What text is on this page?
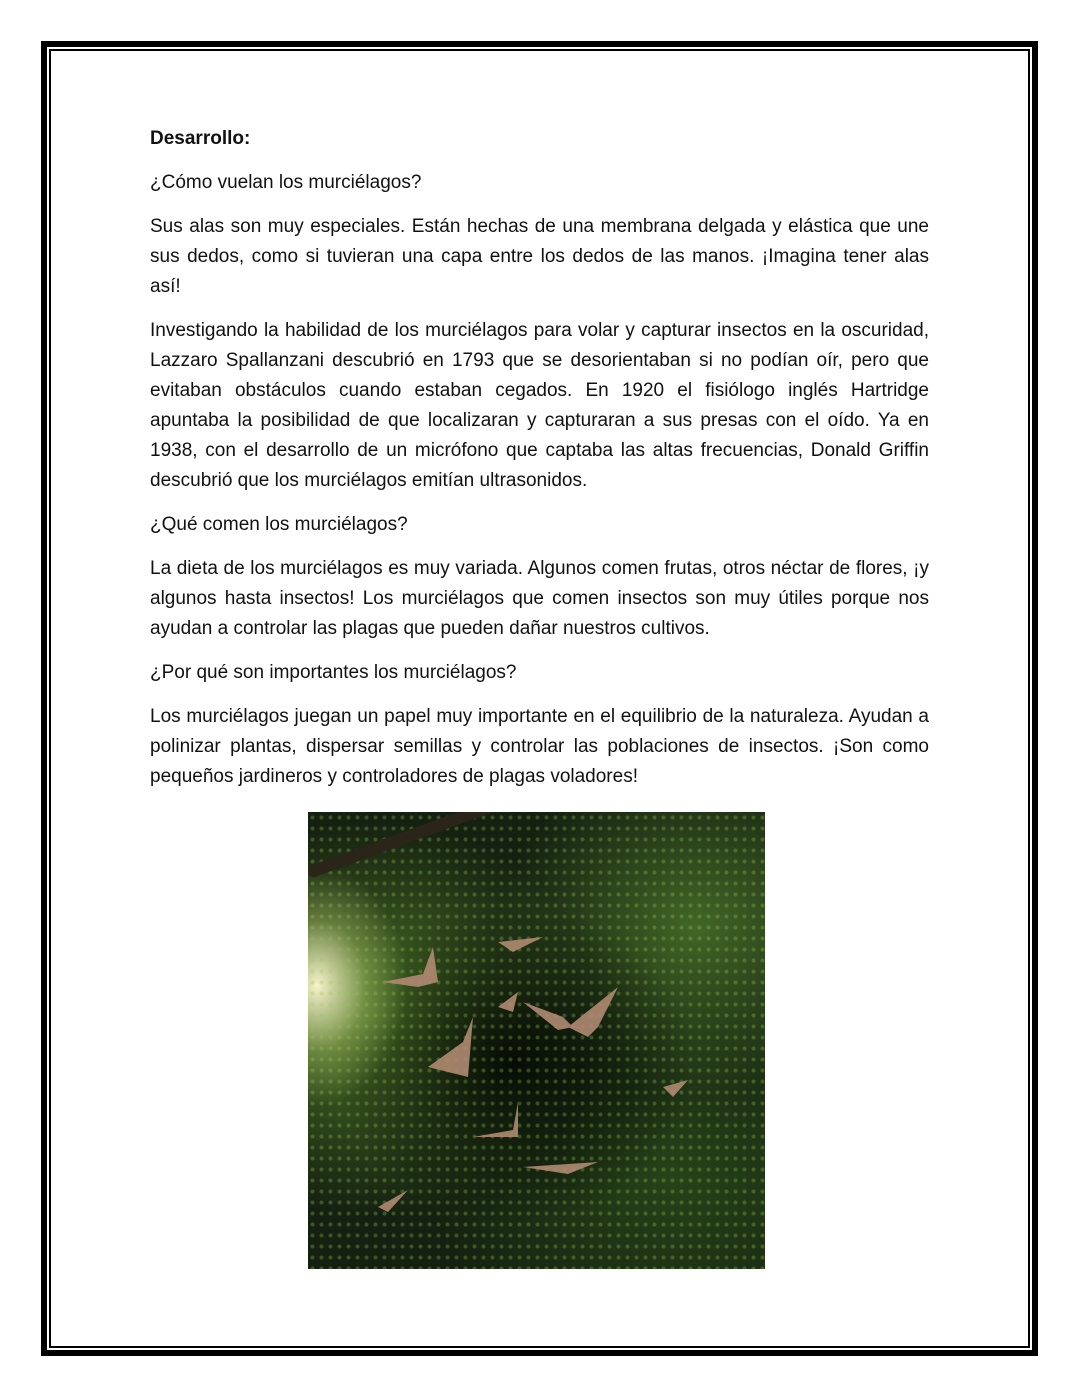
Desarrollo:

¿Cómo vuelan los murciélagos?

Sus alas son muy especiales. Están hechas de una membrana delgada y elástica que une sus dedos, como si tuvieran una capa entre los dedos de las manos. ¡Imagina tener alas así!

Investigando la habilidad de los murciélagos para volar y capturar insectos en la oscuridad, Lazzaro Spallanzani descubrió en 1793 que se desorientaban si no podían oír, pero que evitaban obstáculos cuando estaban cegados. En 1920 el fisiólogo inglés Hartridge apuntaba la posibilidad de que localizaran y capturaran a sus presas con el oído. Ya en 1938, con el desarrollo de un micrófono que captaba las altas frecuencias, Donald Griffin descubrió que los murciélagos emitían ultrasonidos.

¿Qué comen los murciélagos?

La dieta de los murciélagos es muy variada. Algunos comen frutas, otros néctar de flores, ¡y algunos hasta insectos! Los murciélagos que comen insectos son muy útiles porque nos ayudan a controlar las plagas que pueden dañar nuestros cultivos.

¿Por qué son importantes los murciélagos?

Los murciélagos juegan un papel muy importante en el equilibrio de la naturaleza. Ayudan a polinizar plantas, dispersar semillas y controlar las poblaciones de insectos. ¡Son como pequeños jardineros y controladores de plagas voladores!
